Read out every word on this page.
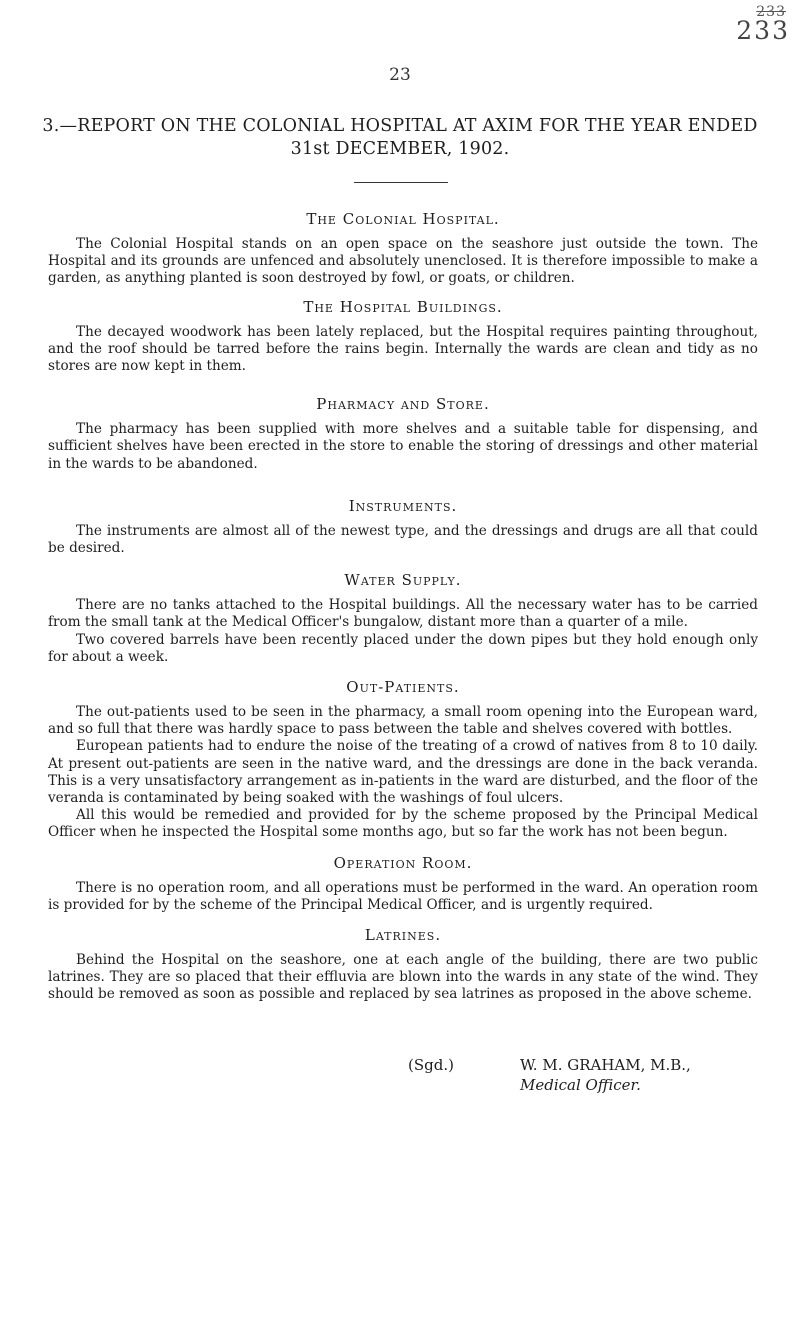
233
233
23
3.—REPORT ON THE COLONIAL HOSPITAL AT AXIM FOR THE YEAR ENDED 31st DECEMBER, 1902.
The Colonial Hospital.

The Colonial Hospital stands on an open space on the seashore just outside the town. The Hospital and its grounds are unfenced and absolutely unenclosed. It is therefore impossible to make a garden, as anything planted is soon destroyed by fowl, or goats, or children.

The Hospital Buildings.

The decayed woodwork has been lately replaced, but the Hospital requires painting throughout, and the roof should be tarred before the rains begin. Internally the wards are clean and tidy as no stores are now kept in them.

Pharmacy and Store.

The pharmacy has been supplied with more shelves and a suitable table for dispensing, and sufficient shelves have been erected in the store to enable the storing of dressings and other material in the wards to be abandoned.

Instruments.

The instruments are almost all of the newest type, and the dressings and drugs are all that could be desired.

Water Supply.

There are no tanks attached to the Hospital buildings. All the necessary water has to be carried from the small tank at the Medical Officer's bungalow, distant more than a quarter of a mile.

Two covered barrels have been recently placed under the down pipes but they hold enough only for about a week.

Out-Patients.

The out-patients used to be seen in the pharmacy, a small room opening into the European ward, and so full that there was hardly space to pass between the table and shelves covered with bottles.

European patients had to endure the noise of the treating of a crowd of natives from 8 to 10 daily. At present out-patients are seen in the native ward, and the dressings are done in the back veranda. This is a very unsatisfactory arrangement as in-patients in the ward are disturbed, and the floor of the veranda is contaminated by being soaked with the washings of foul ulcers.

All this would be remedied and provided for by the scheme proposed by the Principal Medical Officer when he inspected the Hospital some months ago, but so far the work has not been begun.

Operation Room.

There is no operation room, and all operations must be performed in the ward. An operation room is provided for by the scheme of the Principal Medical Officer, and is urgently required.

Latrines.

Behind the Hospital on the seashore, one at each angle of the building, there are two public latrines. They are so placed that their effluvia are blown into the wards in any state of the wind. They should be removed as soon as possible and replaced by sea latrines as proposed in the above scheme.

(Sgd.)	W. M. GRAHAM, M.B.,
Medical Officer.
